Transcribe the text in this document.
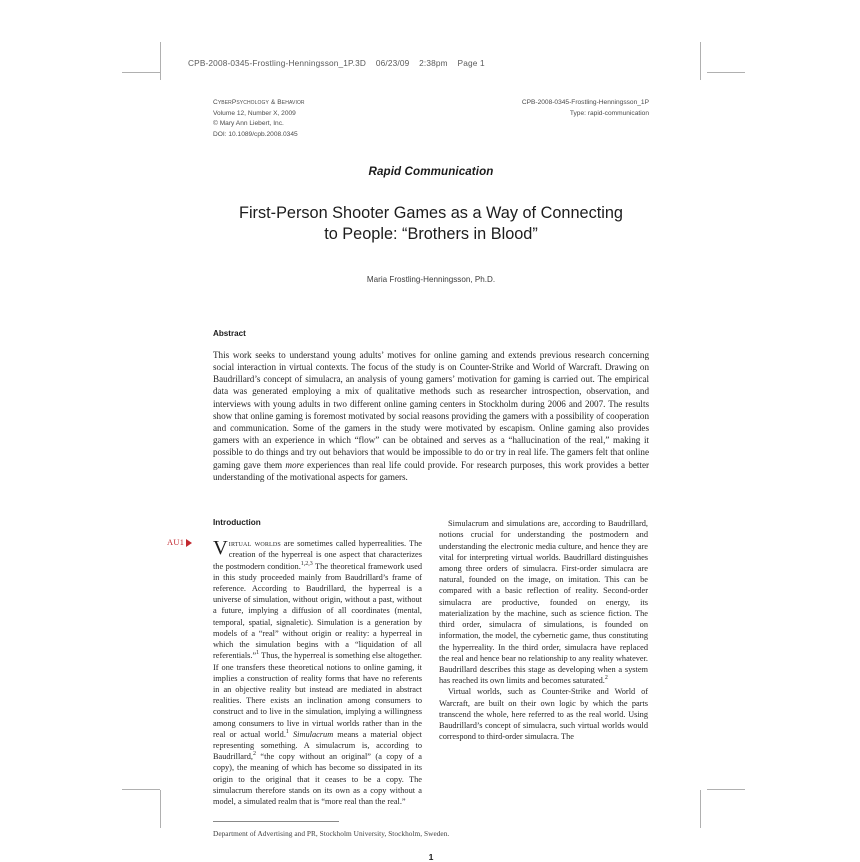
CPB-2008-0345-Frostling-Henningsson_1P.3D    06/23/09    2:38pm    Page 1
CyberPsychology & Behavior
Volume 12, Number X, 2009
© Mary Ann Liebert, Inc.
DOI: 10.1089/cpb.2008.0345
CPB-2008-0345-Frostling-Henningsson_1P
Type: rapid-communication
Rapid Communication
First-Person Shooter Games as a Way of Connecting
to People: “Brothers in Blood”
Maria Frostling-Henningsson, Ph.D.
Abstract
This work seeks to understand young adults’ motives for online gaming and extends previous research concerning social interaction in virtual contexts. The focus of the study is on Counter-Strike and World of Warcraft. Drawing on Baudrillard’s concept of simulacra, an analysis of young gamers’ motivation for gaming is carried out. The empirical data was generated employing a mix of qualitative methods such as researcher introspection, observation, and interviews with young adults in two different online gaming centers in Stockholm during 2006 and 2007. The results show that online gaming is foremost motivated by social reasons providing the gamers with a possibility of cooperation and communication. Some of the gamers in the study were motivated by escapism. Online gaming also provides gamers with an experience in which “flow” can be obtained and serves as a “hallucination of the real,” making it possible to do things and try out behaviors that would be impossible to do or try in real life. The gamers felt that online gaming gave them more experiences than real life could provide. For research purposes, this work provides a better understanding of the motivational aspects for gamers.
AU1
Introduction

Virtual worlds are sometimes called hyperrealities. The creation of the hyperreal is one aspect that characterizes the postmodern condition.$^{1,2,3}$ The theoretical framework used in this study proceeded mainly from Baudrillard’s frame of reference. According to Baudrillard, the hyperreal is a universe of simulation, without origin, without a past, without a future, implying a diffusion of all coordinates (mental, temporal, spatial, signaletic). Simulation is a generation by models of a “real” without origin or reality: a hyperreal in which the simulation begins with a “liquidation of all referentials.”$^1$ Thus, the hyperreal is something else altogether. If one transfers these theoretical notions to online gaming, it implies a construction of reality forms that have no referents in an objective reality but instead are mediated in abstract realities. There exists an inclination among consumers to construct and to live in the simulation, implying a willingness among consumers to live in virtual worlds rather than in the real or actual world.$^1$ Simulacrum means a material object representing something. A simulacrum is, according to Baudrillard,$^2$ “the copy without an original” (a copy of a copy), the meaning of which has become so dissipated in its origin to the original that it ceases to be a copy. The simulacrum therefore stands on its own as a copy without a model, a simulated realm that is “more real than the real.”

Simulacrum and simulations are, according to Baudrillard, notions crucial for understanding the postmodern and understanding the electronic media culture, and hence they are vital for interpreting virtual worlds. Baudrillard distinguishes among three orders of simulacra. First-order simulacra are natural, founded on the image, on imitation. This can be compared with a basic reflection of reality. Second-order simulacra are productive, founded on energy, its materialization by the machine, such as science fiction. The third order, simulacra of simulations, is founded on information, the model, the cybernetic game, thus constituting the hyperreality. In the third order, simulacra have replaced the real and hence bear no relationship to any reality whatever. Baudrillard describes this stage as developing when a system has reached its own limits and becomes saturated.$^2$

Virtual worlds, such as Counter-Strike and World of Warcraft, are built on their own logic by which the parts transcend the whole, here referred to as the real world. Using Baudrillard’s concept of simulacra, such virtual worlds would correspond to third-order simulacra. The

Department of Advertising and PR, Stockholm University, Stockholm, Sweden.
1
